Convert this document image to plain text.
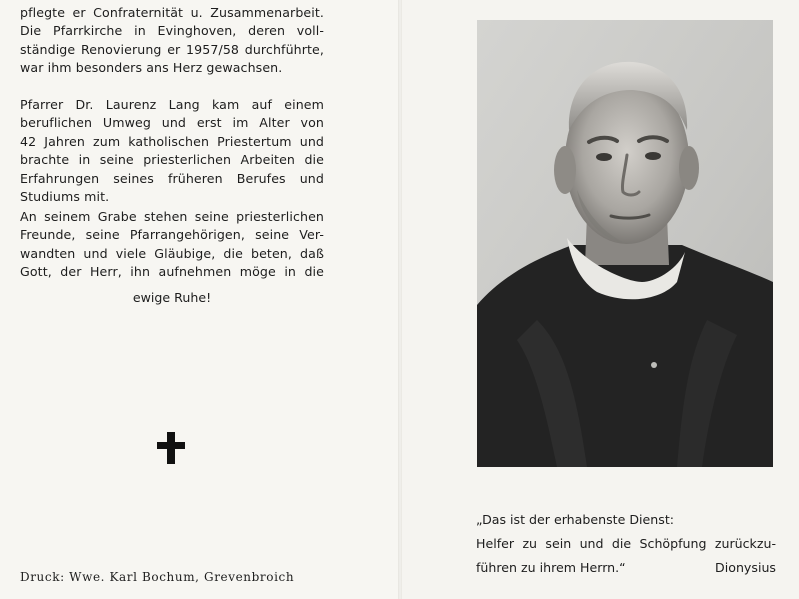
pflegte er Confraternität u. Zusammenarbeit.
Die Pfarrkirche in Evinghoven, deren voll-
ständige Renovierung er 1957/58 durchführte,
war ihm besonders ans Herz gewachsen.
Pfarrer Dr. Laurenz Lang kam auf einem
beruflichen Umweg und erst im Alter von
42 Jahren zum katholischen Priestertum und
brachte in seine priesterlichen Arbeiten die
Erfahrungen seines früheren Berufes und
Studiums mit.
An seinem Grabe stehen seine priesterlichen
Freunde, seine Pfarrangehörigen, seine Ver-
wandten und viele Gläubige, die beten, daß
Gott, der Herr, ihn aufnehmen möge in die
ewige Ruhe!
Druck: Wwe. Karl Bochum, Grevenbroich
„Das ist der erhabenste Dienst:
Helfer zu sein und die Schöpfung zurückzu-
führen zu ihrem Herrn.“	Dionysius
